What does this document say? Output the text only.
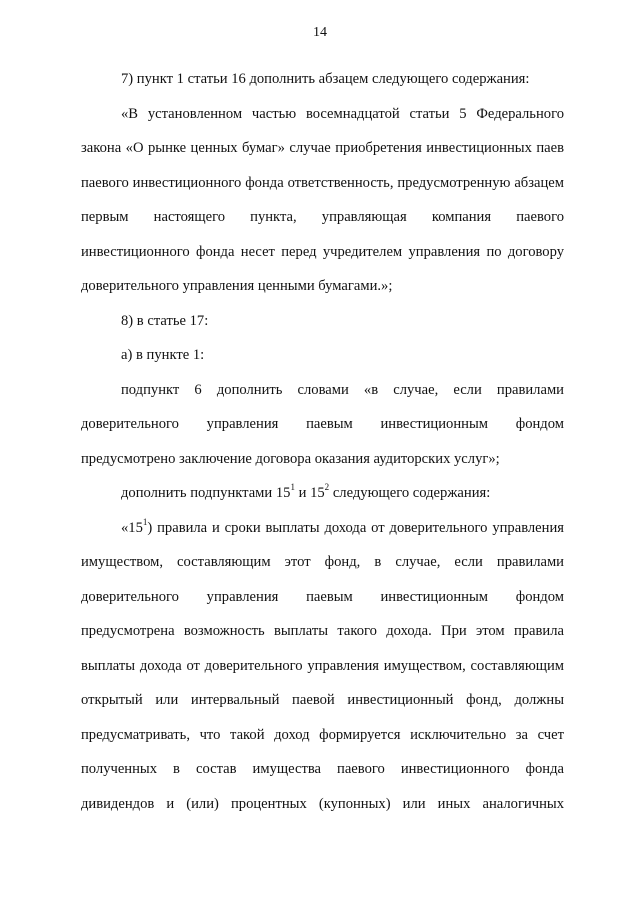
14

7) пункт 1 статьи 16 дополнить абзацем следующего содержания:

«В установленном частью восемнадцатой статьи 5 Федерального закона «О рынке ценных бумаг» случае приобретения инвестиционных паев паевого инвестиционного фонда ответственность, предусмотренную абзацем первым настоящего пункта, управляющая компания паевого инвестиционного фонда несет перед учредителем управления по договору доверительного управления ценными бумагами.»;

8) в статье 17:

а) в пункте 1:

подпункт 6 дополнить словами «в случае, если правилами доверительного управления паевым инвестиционным фондом предусмотрено заключение договора оказания аудиторских услуг»;

дополнить подпунктами $15^1$ и $15^2$ следующего содержания:

«$15^1$) правила и сроки выплаты дохода от доверительного управления имуществом, составляющим этот фонд, в случае, если правилами доверительного управления паевым инвестиционным фондом предусмотрена возможность выплаты такого дохода. При этом правила выплаты дохода от доверительного управления имуществом, составляющим открытый или интервальный паевой инвестиционный фонд, должны предусматривать, что такой доход формируется исключительно за счет полученных в состав имущества паевого инвестиционного фонда дивидендов и (или) процентных (купонных) или иных аналогичных
